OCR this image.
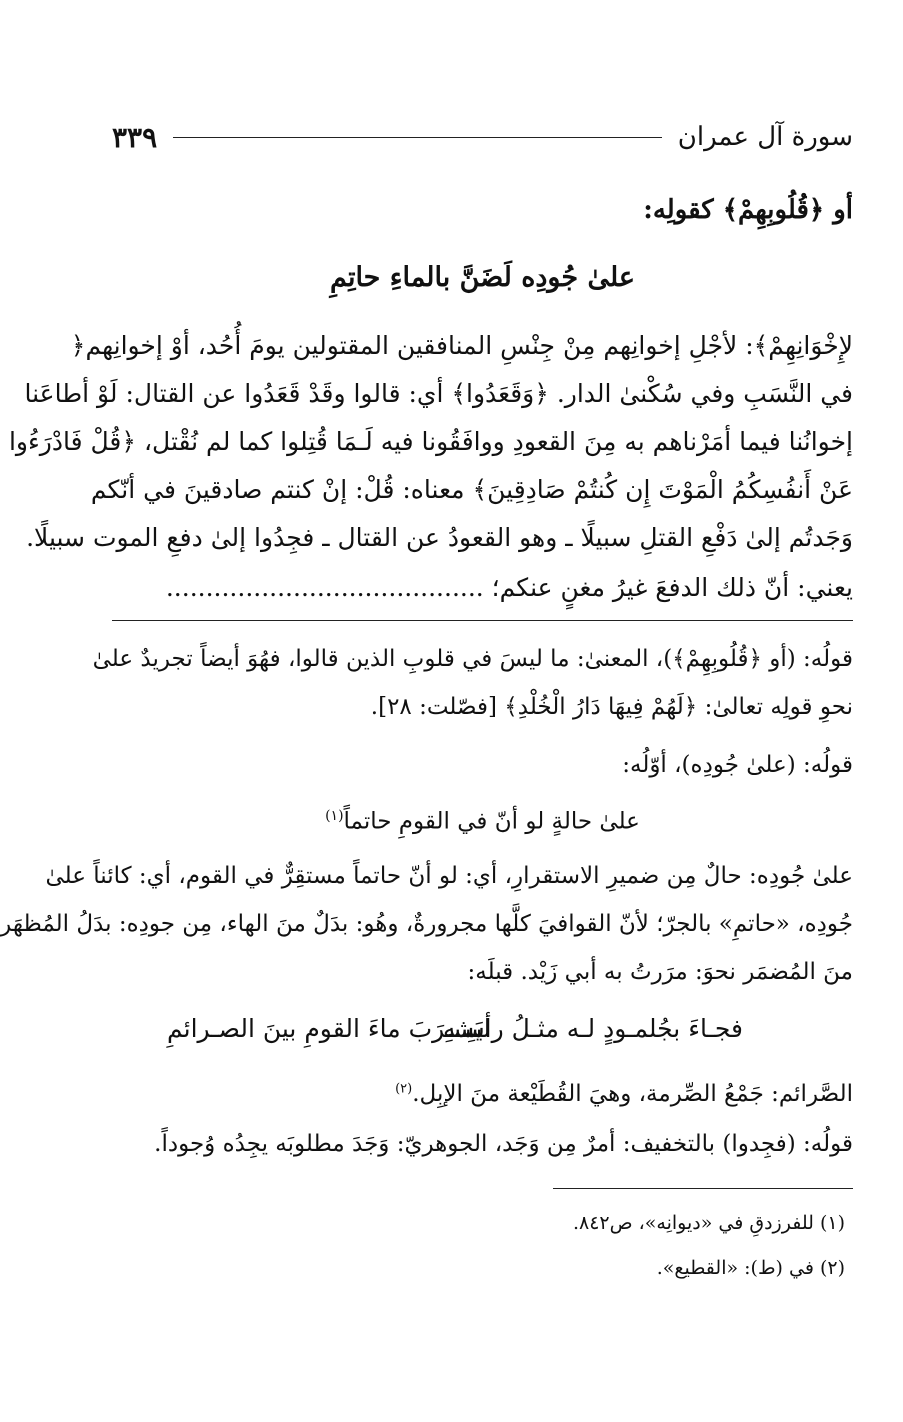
سورة آل عمران
٣٣٩
أو ﴿قُلُوبِهِمْ﴾ كقولِه:
علىٰ جُودِه لَضَنَّ بالماءِ حاتِمِ
لإِخْوَانِهِمْ﴾: لأجْلِ إخوانِهم مِنْ جِنْسِ المنافقين المقتولين يومَ أُحُد، أوْ إخوانِهم﴿
في النَّسَبِ وفي سُكْنىٰ الدار. ﴿وَقَعَدُوا﴾ أي: قالوا وقَدْ قَعَدُوا عن القتال: لَوْ أطاعَنا
إخوانُنا فيما أمَرْناهم به مِنَ القعودِ ووافَقُونا فيه لَـمَا قُتِلوا كما لم نُقْتل، ﴿قُلْ فَادْرَءُوا
عَنْ أَنفُسِكُمُ الْمَوْتَ إِن كُنتُمْ صَادِقِينَ﴾ معناه: قُلْ: إنْ كنتم صادقينَ في أنّكم
وَجَدتُم إلىٰ دَفْعِ القتلِ سبيلًا ـ وهو القعودُ عن القتال ـ فجِدُوا إلىٰ دفعِ الموت سبيلًا.
يعني: أنّ ذلك الدفعَ غيرُ مغنٍ عنكم؛ ........................................
قولُه: (أو ﴿قُلُوبِهِمْ﴾)، المعنىٰ: ما ليسَ في قلوبِ الذين قالوا، فهُوَ أيضاً تجريدٌ علىٰ
نحوِ قولِه تعالىٰ: ﴿لَهُمْ فِيهَا دَارُ الْخُلْدِ﴾ [فصّلت: ٢٨].
قولُه: (علىٰ جُودِه)، أوّلُه:
علىٰ حالةٍ لو أنّ في القومِ حاتماً$^{(١)}$
علىٰ جُودِه: حالٌ مِن ضميرِ الاستقرارِ، أي: لو أنّ حاتماً مستقِرٌّ في القوم، أي: كائناً علىٰ
جُودِه، «حاتمِ» بالجرّ؛ لأنّ القوافيَ كلَّها مجرورةٌ، وهُو: بدَلٌ منَ الهاء، مِن جودِه: بدَلُ المُظهَر
منَ المُضمَر نحوَ: مرَرتُ به أبي زَيْد. قبلَه:
فجـاءَ بجُلمـودٍ لـه مثـلُ رأسِـهِ
ليَشـرَبَ ماءَ القومِ بينَ الصـرائمِ
الصَّرائم: جَمْعُ الصِّرمة، وهيَ القُطَيْعة منَ الإبِل.$^{(٢)}$
قولُه: (فجِدوا) بالتخفيف: أمرٌ مِن وَجَد، الجوهريّ: وَجَدَ مطلوبَه يجِدُه وُجوداً.
(١) للفرزدقِ في «ديوانِه»، ص٨٤٢.
(٢) في (ط): «القطيع».
